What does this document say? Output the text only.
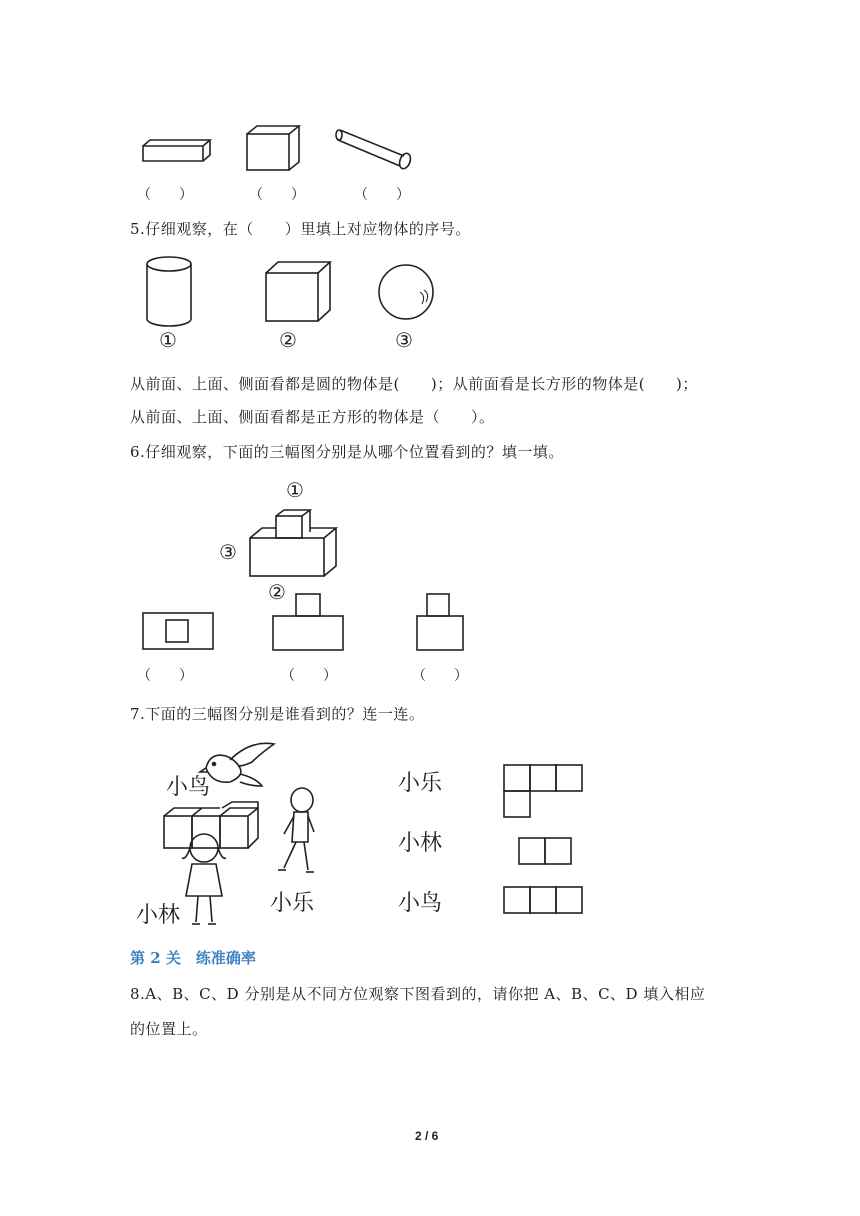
（　　）	（　　）	（　　）
5.仔细观察，在（　　）里填上对应物体的序号。
①	②	③
从前面、上面、侧面看都是圆的物体是(　　)；从前面看是长方形的物体是(　　)；
从前面、上面、侧面看都是正方形的物体是（　　）。
6.仔细观察，下面的三幅图分别是从哪个位置看到的？填一填。
①
③
②
（　　）	（　　）	（　　）
7.下面的三幅图分别是谁看到的？连一连。
小鸟
小林	小乐
小乐
小林
小鸟
第 2 关　练准确率
8.A、B、C、D 分别是从不同方位观察下图看到的，请你把 A、B、C、D 填入相应
的位置上。
2 / 6
